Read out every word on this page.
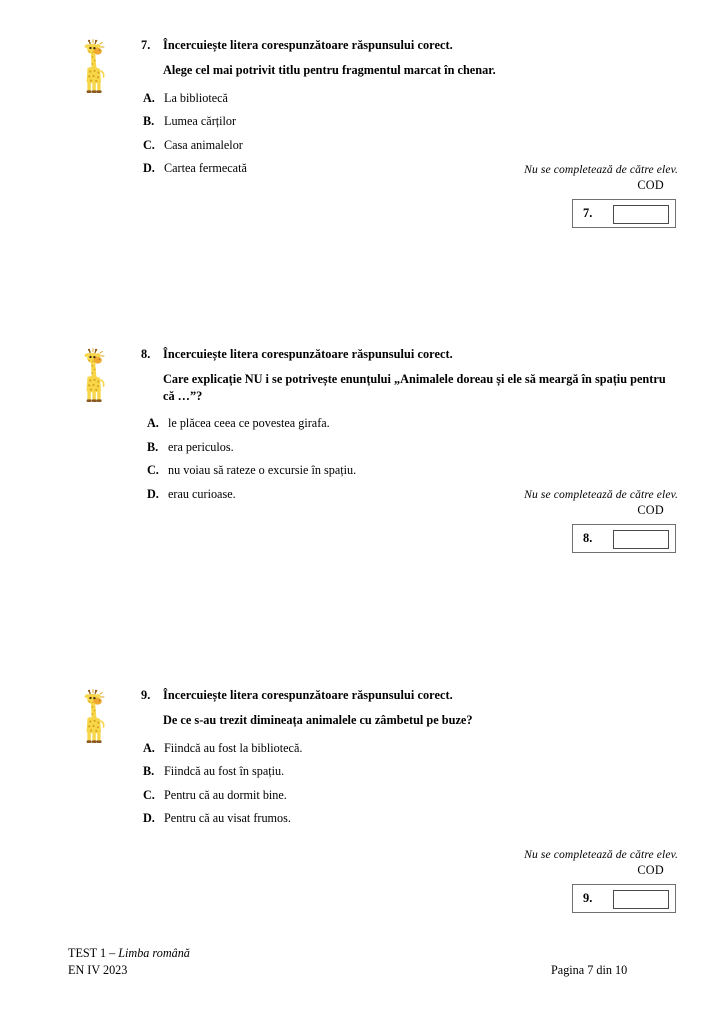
7.	Încercuiește litera corespunzătoare răspunsului corect.
Alege cel mai potrivit titlu pentru fragmentul marcat în chenar.
A. La bibliotecă
B. Lumea cărților
C. Casa animalelor
D. Cartea fermecată	Nu se completează de către elev.
COD
7.
8.	Încercuiește litera corespunzătoare răspunsului corect.
Care explicație NU i se potrivește enunțului „Animalele doreau și ele să meargă în spațiu pentru că …”?
A. le plăcea ceea ce povestea girafa.
B. era periculos.
C. nu voiau să rateze o excursie în spațiu.
D. erau curioase.	Nu se completează de către elev.
COD
8.
9.	Încercuiește litera corespunzătoare răspunsului corect.
De ce s-au trezit dimineața animalele cu zâmbetul pe buze?
A. Fiindcă au fost la bibliotecă.
B. Fiindcă au fost în spațiu.
C. Pentru că au dormit bine.
D. Pentru că au visat frumos.
Nu se completează de către elev.
COD
9.
TEST 1 – Limba română
EN IV 2023	Pagina 7 din 10
